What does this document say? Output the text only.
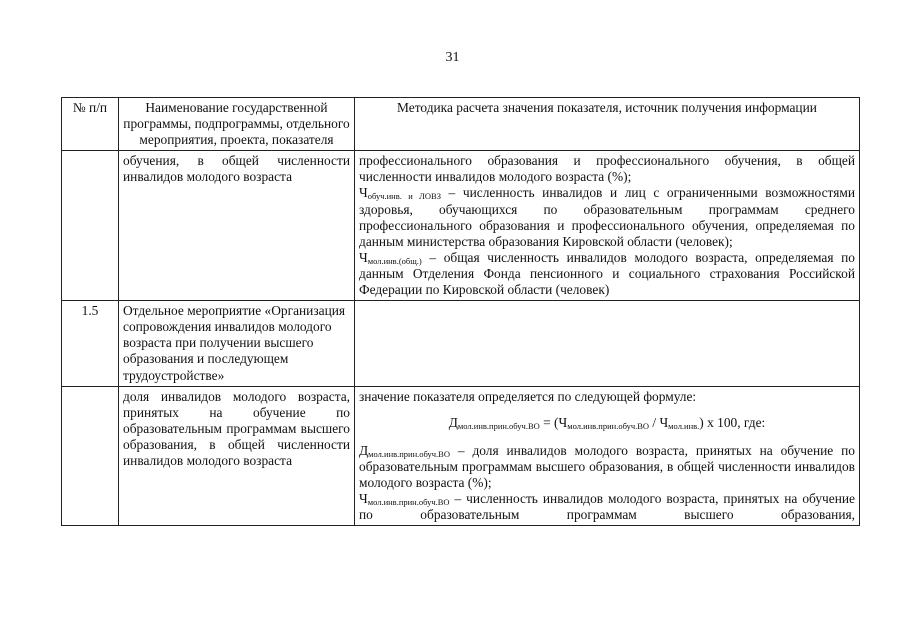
31
№ п/п	Наименование государственной программы, подпрограммы, отдельного мероприятия, проекта, показателя	Методика расчета значения показателя, источник получения информации
	обучения, в общей численности инвалидов молодого возраста	профессионального образования и профессионального обучения, в общей
численности инвалидов молодого возраста (%);
$Ч_{обуч.инв. и ЛОВЗ}$ – численность инвалидов и лиц с ограниченными возможностями здоровья, обучающихся по образовательным программам среднего профессионального образования и профессионального обучения, определяемая по данным министерства образования Кировской области (человек);
$Ч_{мол.инв.(общ.)}$ – общая численность инвалидов молодого возраста, определяемая по данным Отделения Фонда пенсионного и социального страхования Российской Федерации по Кировской области (человек)

1.5	Отдельное мероприятие «Организация сопровождения инвалидов молодого возраста при получении высшего образования и последующем трудоустройстве»	
	доля инвалидов молодого возраста, принятых на обучение по образовательным программам высшего образования, в общей численности инвалидов молодого возраста	значение показателя определяется по следующей формуле:
$Д_{мол.инв.прин.обуч.ВО} = (Ч_{мол.инв.прин.обуч.ВО} / Ч_{мол.инв.})$ х 100, где:
$Д_{мол.инв.прин.обуч.ВО}$ – доля инвалидов молодого возраста, принятых на обучение по образовательным программам высшего образования, в общей численности инвалидов молодого возраста (%);
$Ч_{мол.инв.прин.обуч.ВО}$ – численность инвалидов молодого возраста, принятых на обучение по образовательным программам высшего образования,
